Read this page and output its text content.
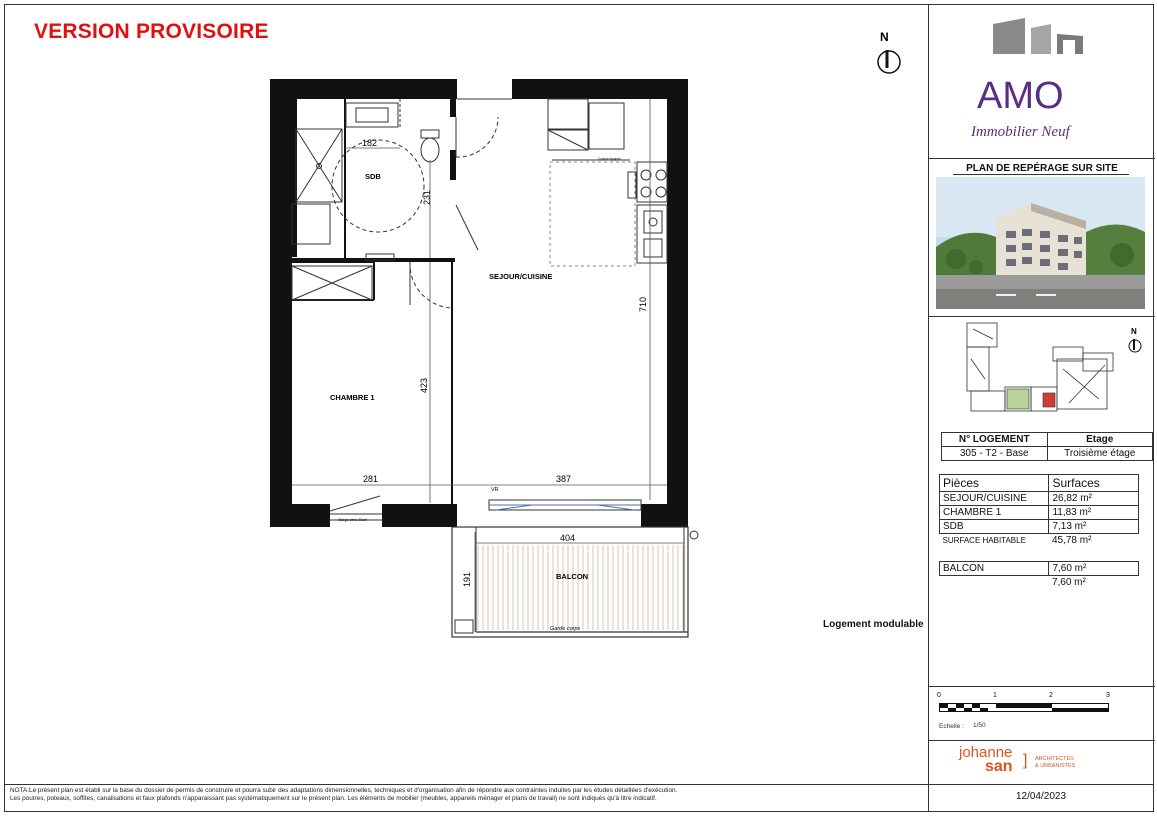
VERSION PROVISOIRE
SDB
SEJOUR/CUISINE
CHAMBRE 1
BALCON
182
231
710
423
281	387
404
191
VR
Allège vitré 90cm
Garde corps
Cuisine équipée
N
Logement modulable
AMO
Immobilier Neuf
PLAN DE REPÉRAGE SUR SITE
N
N° LOGEMENT	Etage
305 - T2 - Base	Troisième étage
Pièces	Surfaces
SEJOUR/CUISINE	26,82 m²
CHAMBRE 1	11,83 m²
SDB	7,13 m²
SURFACE HABITABLE	45,78 m²

BALCON	7,60 m²
	7,60 m²
0	1	2	3
Echelle : 1/50
johanne
san ] ARCHITECTES
& URBANISTES
NOTA:Le présent plan est établi sur la base du dossier de permis de construire et pourra subir des adaptations dimensionnelles, techniques et d'organisation afin de répondre aux contraintes induites par les études détaillées d'exécution.
Les poutres, poteaux, soffites, canalisations et faux plafonds n'apparaissant pas systématiquement sur le présent plan. Les éléments de mobilier (meubles, appareils ménager et plans de travail) ne sont indiqués qu'à titre indicatif.	12/04/2023
